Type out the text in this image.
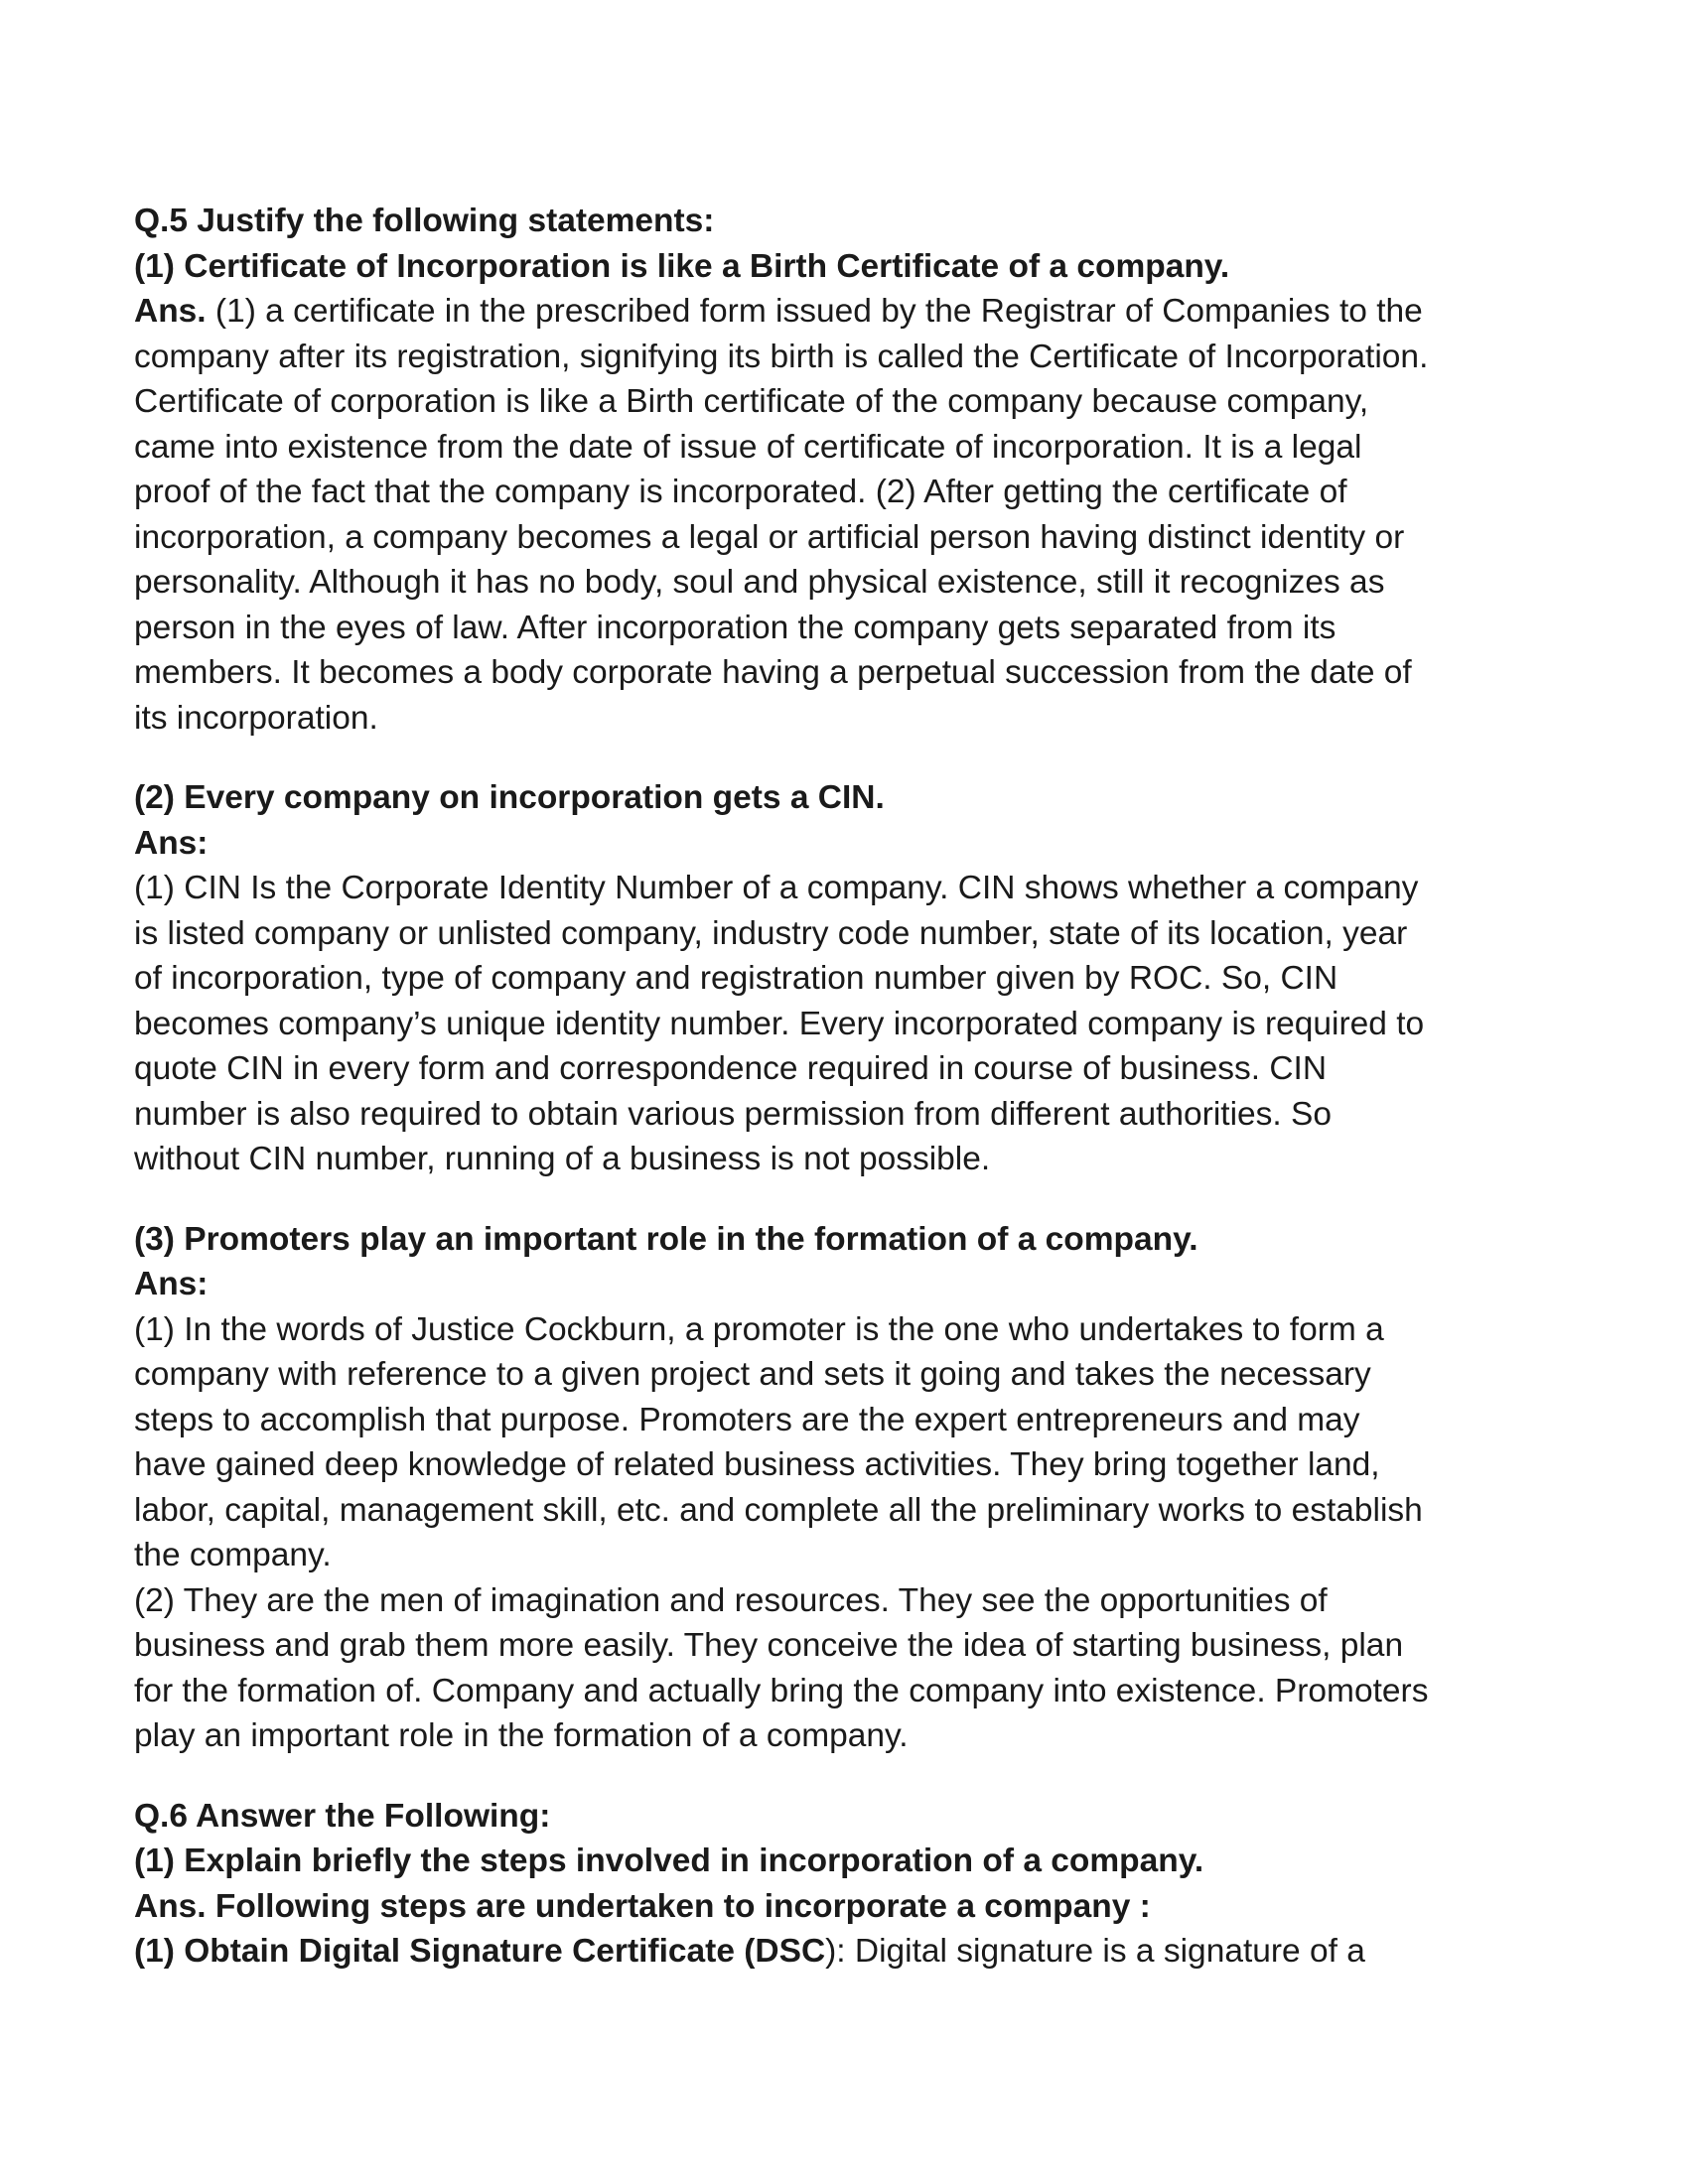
Q.5 Justify the following statements:
(1) Certificate of Incorporation is like a Birth Certificate of a company.
Ans. (1) a certificate in the prescribed form issued by the Registrar of Companies to the
company after its registration, signifying its birth is called the Certificate of Incorporation.
Certificate of corporation is like a Birth certificate of the company because company,
came into existence from the date of issue of certificate of incorporation. It is a legal
proof of the fact that the company is incorporated. (2) After getting the certificate of
incorporation, a company becomes a legal or artificial person having distinct identity or
personality. Although it has no body, soul and physical existence, still it recognizes as
person in the eyes of law. After incorporation the company gets separated from its
members. It becomes a body corporate having a perpetual succession from the date of
its incorporation.
(2) Every company on incorporation gets a CIN.
Ans:
(1) CIN Is the Corporate Identity Number of a company. CIN shows whether a company
is listed company or unlisted company, industry code number, state of its location, year
of incorporation, type of company and registration number given by ROC. So, CIN
becomes company’s unique identity number. Every incorporated company is required to
quote CIN in every form and correspondence required in course of business. CIN
number is also required to obtain various permission from different authorities. So
without CIN number, running of a business is not possible.
(3) Promoters play an important role in the formation of a company.
Ans:
(1) In the words of Justice Cockburn, a promoter is the one who undertakes to form a
company with reference to a given project and sets it going and takes the necessary
steps to accomplish that purpose. Promoters are the expert entrepreneurs and may
have gained deep knowledge of related business activities. They bring together land,
labor, capital, management skill, etc. and complete all the preliminary works to establish
the company.
(2) They are the men of imagination and resources. They see the opportunities of
business and grab them more easily. They conceive the idea of starting business, plan
for the formation of. Company and actually bring the company into existence. Promoters
play an important role in the formation of a company.
Q.6 Answer the Following:
(1) Explain briefly the steps involved in incorporation of a company.
Ans. Following steps are undertaken to incorporate a company :
(1) Obtain Digital Signature Certificate (DSC): Digital signature is a signature of a
